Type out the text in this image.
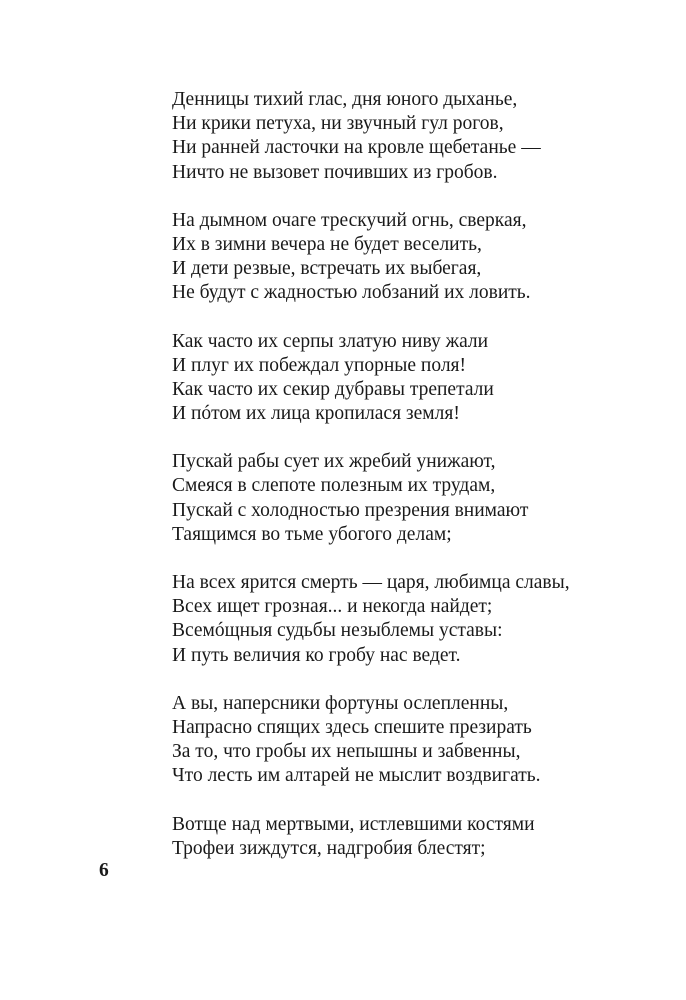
Денницы тихий глас, дня юного дыханье,
Ни крики петуха, ни звучный гул рогов,
Ни ранней ласточки на кровле щебетанье —
Ничто не вызовет почивших из гробов.
На дымном очаге трескучий огнь, сверкая,
Их в зимни вечера не будет веселить,
И дети резвые, встречать их выбегая,
Не будут с жадностью лобзаний их ловить.
Как часто их серпы златую ниву жали
И плуг их побеждал упорные поля!
Как часто их секир дубравы трепетали
И пóтом их лица кропилася земля!
Пускай рабы сует их жребий унижают,
Смеяся в слепоте полезным их трудам,
Пускай с холодностью презрения внимают
Таящимся во тьме убогого делам;
На всех ярится смерть — царя, любимца славы,
Всех ищет грозная... и некогда найдет;
Всемóщныя судьбы незыблемы уставы:
И путь величия ко гробу нас ведет.
А вы, наперсники фортуны ослепленны,
Напрасно спящих здесь спешите презирать
За то, что гробы их непышны и забвенны,
Что лесть им алтарей не мыслит воздвигать.
Вотще над мертвыми, истлевшими костями
Трофеи зиждутся, надгробия блестят;
6
